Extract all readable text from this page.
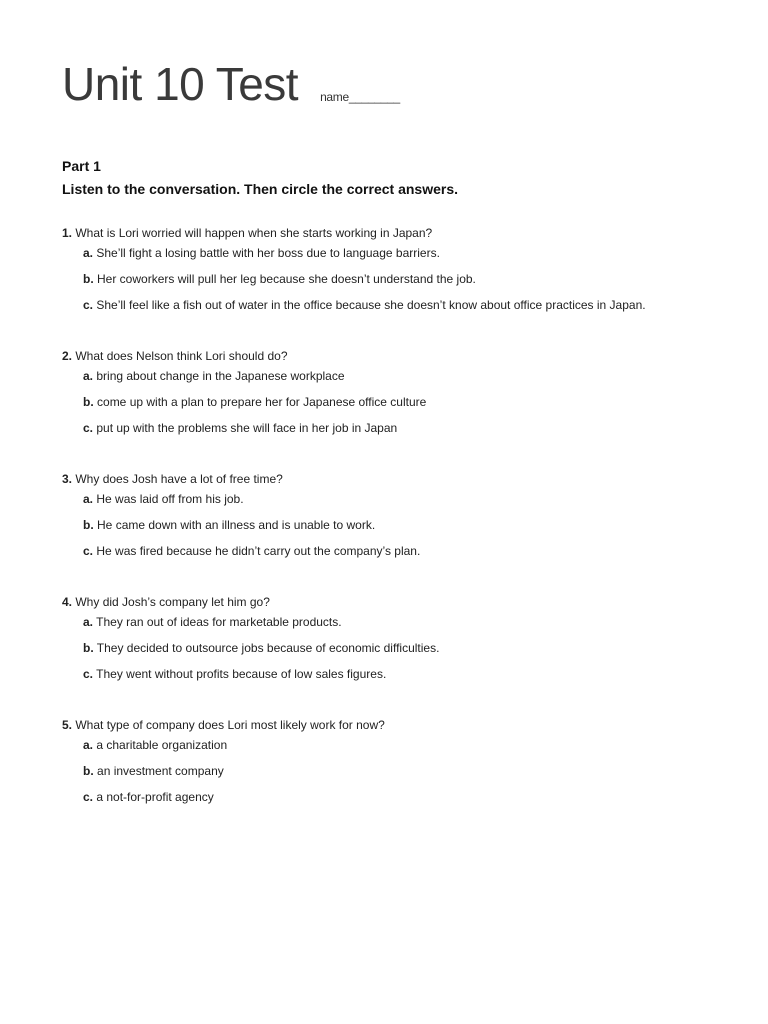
Unit 10 Test name________
Part 1
Listen to the conversation. Then circle the correct answers.
1. What is Lori worried will happen when she starts working in Japan?
a. She’ll fight a losing battle with her boss due to language barriers.
b. Her coworkers will pull her leg because she doesn’t understand the job.
c. She’ll feel like a fish out of water in the office because she doesn’t know about office practices in Japan.
2. What does Nelson think Lori should do?
a. bring about change in the Japanese workplace
b. come up with a plan to prepare her for Japanese office culture
c. put up with the problems she will face in her job in Japan
3. Why does Josh have a lot of free time?
a. He was laid off from his job.
b. He came down with an illness and is unable to work.
c. He was fired because he didn’t carry out the company’s plan.
4. Why did Josh’s company let him go?
a. They ran out of ideas for marketable products.
b. They decided to outsource jobs because of economic difficulties.
c. They went without profits because of low sales figures.
5. What type of company does Lori most likely work for now?
a. a charitable organization
b. an investment company
c. a not-for-profit agency
